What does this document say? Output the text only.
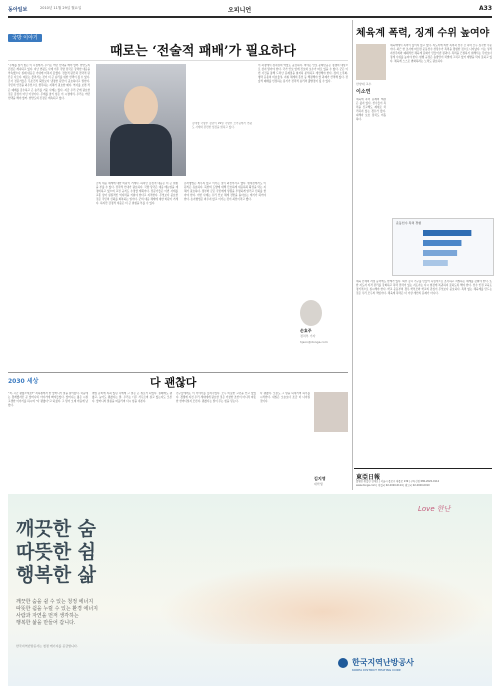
동아일보	2010년 11월 29일 월요일	오피니언	A33
국방 이야기
때로는 ‘전술적 패배’가 필요하다
“무례를 참기 힘든 이 시점에서, 우리는 어떤 선택을 해야 할까. 한반도의 긴장은 계속되고 있다. 지난 연평도 사태 이후 국방 당국은 강력한 대응을 약속했으나 실제 대응은 기대에 미치지 못했다. 전술적 판단과 전략적 판단은 다르다. 때로는 물러서는 것이 더 큰 승리를 위한 선택이 될 수 있다. 군사 전문가들은 무조건적 확전보다 냉정한 판단이 중요하다고 말한다. 국민의 안전을 최우선으로 생각하는 지혜가 필요한 때다. 역사를 보면 작은 패배를 감수하고 큰 승리를 거둔 사례는 많다. 지금 우리 군에 필요한 것은 감정이 아닌 이성이다. 무례를 참기 힘든 이 시점에서, 우리는 어떤 선택을 해야 할까. 한반도의 긴장은 계속되고 있다.
김태영 국방부 장관이 29일 국방부 브리핑에서 연평도 사태와 관련한 입장을 밝히고 있다.
군의 대응 체계에 대한 비판이 거세다. 하지만 감정적 대응은 더 큰 위험을 부를 수 있다. 전략적 인내가 필요하다. 국방 당국은 대응 매뉴얼을 재정비하고 있으며 교전 규칙도 수정할 계획이다. 전문가들은 이번 사태를 교훈 삼아 실질적인 억지력을 키워야 한다고 지적한다. 무엇보다 중요한 것은 국민의 신뢰를 회복하는 일이다. 군의 대응 체계에 대한 비판이 거세다. 하지만 감정적 대응은 더 큰 위험을 부를 수 있다.
손자병법은 싸우지 않고 이기는 것이 최선이라고 했다. 현대전에서도 이 원칙은 유효하다. 북한의 도발에 대해 단호하게 대응하되 확전을 막는 지혜가 필요하다. 정부와 군은 국민에게 상황을 투명하게 알리고 신뢰를 쌓아야 한다. 이번 사태는 우리 안보 체계 전반을 돌아보는 계기가 되어야 한다. 손자병법은 싸우지 않고 이기는 것이 최선이라고 했다.
이 과정에서 정치권의 역할도 중요하다. 여야는 안보 문제만큼은 정쟁의 대상으로 삼지 말아야 한다. 국가 안보 앞에 진보와 보수가 따로 있을 수 없다. 군은 이번 사건을 통해 드러난 문제점을 철저히 분석하고 개선해야 한다. 장비 노후화, 병력 운용의 비효율성, 지휘 체계의 혼선 등 해결해야 할 과제가 산적해 있다. 전술적 패배를 인정하는 용기가 전략적 승리의 출발점이 될 수 있다.
손효주
정치부 기자
hjson@donga.com
체육계 폭력, 징계 수위 높여야
한양대 교수
이소연
체육계에서 폭력이 끊이지 않고 있다. 지도자에 의한 폭력과 선수 간 폭력 모두 심각한 수준이다. 최근 한 조사에 따르면 운동선수 상당수가 폭력을 경험한 것으로 나타났다. 이는 성적 지상주의와 폐쇄적인 체육계 문화가 만들어낸 결과다. 폭력을 근절하기 위해서는 무엇보다 징계 수위를 높여야 한다. 현행 규정은 솜방망이 처벌에 그치고 있어 재발을 막지 못하고 있다. 체육계 스스로 변화하려는 노력도 필요하다.
운동선수 폭력 경험
체육계 폭력 문제의 해결은 쉽지 않다. 선수들이 폭력을 신고해도 제대로 처리되지 않는 경우가 많다. 피해자 보호 장치도 미흡하다.
체육 단체의 자정 능력에도 한계가 있다. 외부 감시 기구를 만들어 독립적으로 조사하고 처벌하는 체계를 갖춰야 한다. 또한 지도자 자격 관리를 강화하고 폭력 전력이 있는 지도자는 다시 현장에 복귀하지 못하도록 해야 한다. 선수 인권 교육도 정기적으로 실시해야 한다. 학교 운동부의 경우 학부모와 학교의 관심이 무엇보다 중요하다. 폭력 없는 체육계를 만드는 것은 우리 모두의 책임이다. 체육계 폭력은 더 이상 개인의 문제가 아니다.
2030 세상	다 괜찮다
“저, 시간 괜찮으세요?” 지하철에서 한 할머니가 말을 걸어왔다. 처음에는 경계했지만 곧 할머니의 이야기에 빠져들었다. 할머니는 젊은 시절 고생한 이야기를 하시며 “다 괜찮다”고 하셨다. 그 말이 오래 마음에 남았다.
취업 준비에 지쳐 있던 나에게 그 말은 큰 위로가 되었다. 실패해도 괜찮고, 늦어도 괜찮다는 말. 우리는 너무 서두르며 살고 있는지도 모른다. 할머니의 말씀을 떠올리며 다시 힘을 내본다.
친구들에게도 이 이야기를 들려주었다. 모두 비슷한 고민을 안고 있었다. 경쟁에 지친 우리 세대에게 필요한 것은 거창한 조언이 아니라 따뜻한 한마디일지 모른다. 괜찮다는 말이 주는 힘을 믿는다.
다 괜찮다. 오늘도 그 말을 되새기며 하루를 시작한다. 내일은 오늘보다 조금 더 나아질 것이다.
김지영
대학생
東亞日報
발행인·편집인 김재호 | 서울시 종로구 세종로 139 | 구독신청 080-2020-0114
www.donga.com | 편집국 02-2020-0114 | 광고국 02-2020-0010
깨끗한 숨
따뜻한 쉼
행복한 삶
깨끗한 숨을 쉴 수 있는 청정 에너지
따뜻한 쉼을 누릴 수 있는 환경 에너지
사람과 자연을 먼저 생각하는
행복한 삶을 만들어 갑니다.
한국지역난방공사는 청정 에너지를 공급합니다.
Love 한난
한국지역난방공사
KOREA DISTRICT HEATING CORP.
